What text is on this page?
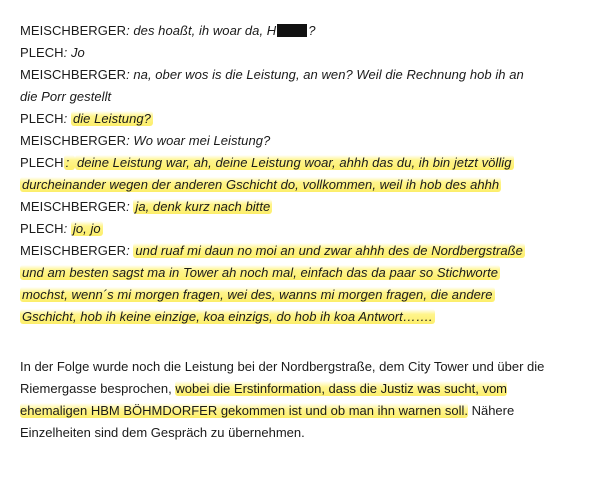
MEISCHBERGER: des hoaßt, ih woar da, H ?
PLECH: Jo
MEISCHBERGER: na, ober wos is die Leistung, an wen? Weil die Rechnung hob ih an
die Porr gestellt
PLECH: die Leistung?
MEISCHBERGER: Wo woar mei Leistung?
PLECH : deine Leistung war, ah, deine Leistung woar, ahhh das du, ih bin jetzt völlig
durcheinander wegen der anderen Gschicht do, vollkommen, weil ih hob des ahhh
MEISCHBERGER: ja, denk kurz nach bitte
PLECH: jo, jo
MEISCHBERGER: und ruaf mi daun no moi an und zwar ahhh des de Nordbergstraße
und am besten sagst ma in Tower ah noch mal, einfach das da paar so Stichworte
mochst, wenn´s mi morgen fragen, wei des, wanns mi morgen fragen, die andere
Gschicht, hob ih keine einzige, koa einzigs, do hob ih koa Antwort…….
In der Folge wurde noch die Leistung bei der Nordbergstraße, dem City Tower und über die
Riemergasse besprochen, wobei die Erstinformation, dass die Justiz was sucht, vom
ehemaligen HBM BÖHMDORFER gekommen ist und ob man ihn warnen soll. Nähere
Einzelheiten sind dem Gespräch zu übernehmen.
